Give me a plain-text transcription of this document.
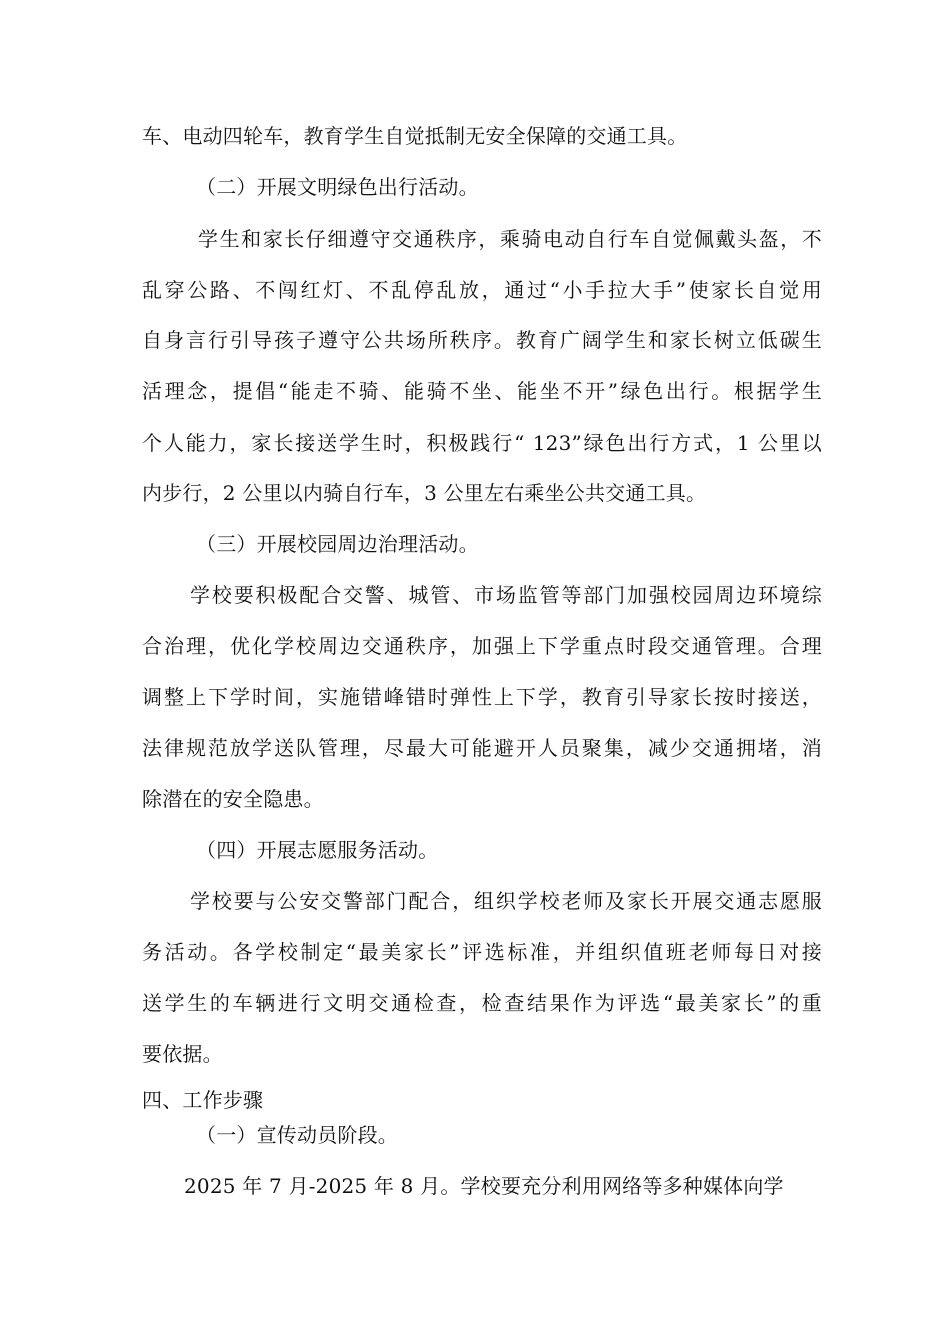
车、电动四轮车，教育学生自觉抵制无安全保障的交通工具。
（二）开展文明绿色出行活动。
学生和家长仔细遵守交通秩序，乘骑电动自行车自觉佩戴头盔，不
乱穿公路、不闯红灯、不乱停乱放，通过“小手拉大手”使家长自觉用
自身言行引导孩子遵守公共场所秩序。教育广阔学生和家长树立低碳生
活理念，提倡“能走不骑、能骑不坐、能坐不开”绿色出行。根据学生
个人能力，家长接送学生时，积极践行“ 123”绿色出行方式，1 公里以
内步行，2 公里以内骑自行车，3 公里左右乘坐公共交通工具。
（三）开展校园周边治理活动。
学校要积极配合交警、城管、市场监管等部门加强校园周边环境综
合治理，优化学校周边交通秩序，加强上下学重点时段交通管理。合理
调整上下学时间，实施错峰错时弹性上下学，教育引导家长按时接送，
法律规范放学送队管理，尽最大可能避开人员聚集，减少交通拥堵，消
除潜在的安全隐患。
（四）开展志愿服务活动。
学校要与公安交警部门配合，组织学校老师及家长开展交通志愿服
务活动。各学校制定“最美家长”评选标准，并组织值班老师每日对接
送学生的车辆进行文明交通检查，检查结果作为评选“最美家长”的重
要依据。
四、工作步骤
（一）宣传动员阶段。
2025 年 7 月-2025 年 8 月。学校要充分利用网络等多种媒体向学
